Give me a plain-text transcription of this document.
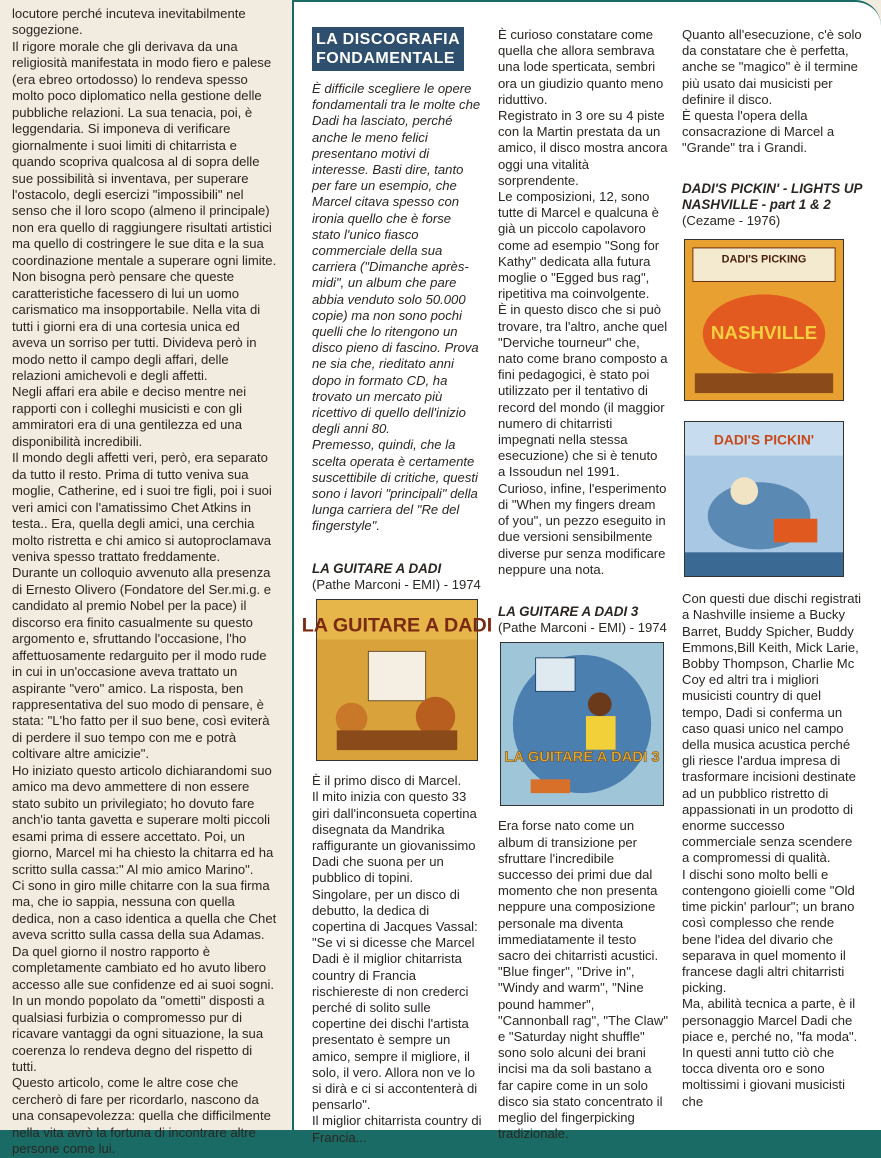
locutore perché incuteva inevitabilmente soggezione.

Il rigore morale che gli derivava da una religiosità manifestata in modo fiero e palese (era ebreo ortodosso) lo rendeva spesso molto poco diplomatico nella gestione delle pubbliche relazioni. La sua tenacia, poi, è leggendaria. Si imponeva di verificare giornalmente i suoi limiti di chitarrista e quando scopriva qualcosa al di sopra delle sue possibilità si inventava, per superare l'ostacolo, degli esercizi "impossibili" nel senso che il loro scopo (almeno il principale) non era quello di raggiungere risultati artistici ma quello di costringere le sue dita e la sua coordinazione mentale a superare ogni limite.

Non bisogna però pensare che queste caratteristiche facessero di lui un uomo carismatico ma insopportabile. Nella vita di tutti i giorni era di una cortesia unica ed aveva un sorriso per tutti. Divideva però in modo netto il campo degli affari, delle relazioni amichevoli e degli affetti.

Negli affari era abile e deciso mentre nei rapporti con i colleghi musicisti e con gli ammiratori era di una gentilezza ed una disponibilità incredibili.

Il mondo degli affetti veri, però, era separato da tutto il resto. Prima di tutto veniva sua moglie, Catherine, ed i suoi tre figli, poi i suoi veri amici con l'amatissimo Chet Atkins in testa.. Era, quella degli amici, una cerchia molto ristretta e chi amico si autoproclamava veniva spesso trattato freddamente.

Durante un colloquio avvenuto alla presenza di Ernesto Olivero (Fondatore del Ser.mi.g. e candidato al premio Nobel per la pace) il discorso era finito casualmente su questo argomento e, sfruttando l'occasione, l'ho affettuosamente redarguito per il modo rude in cui in un'occasione aveva trattato un aspirante "vero" amico. La risposta, ben rappresentativa del suo modo di pensare, è stata: "L'ho fatto per il suo bene, così eviterà di perdere il suo tempo con me e potrà coltivare altre amicizie".

Ho iniziato questo articolo dichiarandomi suo amico ma devo ammettere di non essere stato subito un privilegiato; ho dovuto fare anch'io tanta gavetta e superare molti piccoli esami prima di essere accettato. Poi, un giorno, Marcel mi ha chiesto la chitarra ed ha scritto sulla cassa:" Al mio amico Marino".

Ci sono in giro mille chitarre con la sua firma ma, che io sappia, nessuna con quella dedica, non a caso identica a quella che Chet aveva scritto sulla cassa della sua Adamas.

Da quel giorno il nostro rapporto è completamente cambiato ed ho avuto libero accesso alle sue confidenze ed ai suoi sogni.

In un mondo popolato da "ometti" disposti a qualsiasi furbizia o compromesso pur di ricavare vantaggi da ogni situazione, la sua coerenza lo rendeva degno del rispetto di tutti.

Questo articolo, come le altre cose che cercherò di fare per ricordarlo, nascono da una consapevolezza: quella che difficilmente nella vita avrò la fortuna di incontrare altre persone come lui.

LA DISCOGRAFIA
FONDAMENTALE

È difficile scegliere le opere fondamentali tra le molte che Dadi ha lasciato, perché anche le meno felici presentano motivi di interesse. Basti dire, tanto per fare un esempio, che Marcel citava spesso con ironia quello che è forse stato l'unico fiasco commerciale della sua carriera ("Dimanche après-midi", un album che pare abbia venduto solo 50.000 copie) ma non sono pochi quelli che lo ritengono un disco pieno di fascino. Prova ne sia che, rieditato anni dopo in formato CD, ha trovato un mercato più ricettivo di quello dell'inizio degli anni 80.

Premesso, quindi, che la scelta operata è certamente suscettibile di critiche, questi sono i lavori "principali" della lunga carriera del "Re del fingerstyle".

LA GUITARE A DADI
(Pathe Marconi - EMI) - 1974
LA GUITARE A DADI

È il primo disco di Marcel.

Il mito inizia con questo 33 giri dall'inconsueta copertina disegnata da Mandrika raffigurante un giovanissimo Dadi che suona per un pubblico di topini.

Singolare, per un disco di debutto, la dedica di copertina di Jacques Vassal: "Se vi si dicesse che Marcel Dadi è il miglior chitarrista country di Francia rischiereste di non crederci perché di solito sulle copertine dei dischi l'artista presentato è sempre un amico, sempre il migliore, il solo, il vero. Allora non ve lo si dirà e ci si accontenterà di pensarlo".

Il miglior chitarrista country di Francia...

È curioso constatare come quella che allora sembrava una lode sperticata, sembri ora un giudizio quanto meno riduttivo.

Registrato in 3 ore su 4 piste con la Martin prestata da un amico, il disco mostra ancora oggi una vitalità sorprendente.

Le composizioni, 12, sono tutte di Marcel e qualcuna è già un piccolo capolavoro come ad esempio "Song for Kathy" dedicata alla futura moglie o "Egged bus rag", ripetitiva ma coinvolgente.

È in questo disco che si può trovare, tra l'altro, anche quel "Derviche tourneur" che, nato come brano composto a fini pedagogici, è stato poi utilizzato per il tentativo di record del mondo (il maggior numero di chitarristi impegnati nella stessa esecuzione) che si è tenuto a Issoudun nel 1991.

Curioso, infine, l'esperimento di "When my fingers dream of you", un pezzo eseguito in due versioni sensibilmente diverse pur senza modificare neppure una nota.

LA GUITARE A DADI 3
(Pathe Marconi - EMI) - 1974
LA GUITARE A DADI 3

Era forse nato come un album di transizione per sfruttare l'incredibile successo dei primi due dal momento che non presenta neppure una composizione personale ma diventa immediatamente il testo sacro dei chitarristi acustici.

"Blue finger", "Drive in", "Windy and warm", "Nine pound hammer", "Cannonball rag", "The Claw" e "Saturday night shuffle" sono solo alcuni dei brani incisi ma da soli bastano a far capire come in un solo disco sia stato concentrato il meglio del fingerpicking tradizionale.

Quanto all'esecuzione, c'è solo da constatare che è perfetta, anche se "magico" è il termine più usato dai musicisti per definire il disco.

È questa l'opera della consacrazione di Marcel a "Grande" tra i Grandi.

DADI'S PICKIN' - LIGHTS UP NASHVILLE - part 1 & 2
(Cezame - 1976)
DADI'S PICKING
NASHVILLE
DADI'S PICKIN'

Con questi due dischi registrati a Nashville insieme a Bucky Barret, Buddy Spicher, Buddy Emmons,Bill Keith, Mick Larie, Bobby Thompson, Charlie Mc Coy ed altri tra i migliori musicisti country di quel tempo, Dadi si conferma un caso quasi unico nel campo della musica acustica perché gli riesce l'ardua impresa di trasformare incisioni destinate ad un pubblico ristretto di appassionati in un prodotto di enorme successo commerciale senza scendere a compromessi di qualità.

I dischi sono molto belli e contengono gioielli come "Old time pickin' parlour"; un brano così complesso che rende bene l'idea del divario che separava in quel momento il francese dagli altri chitarristi picking.

Ma, abilità tecnica a parte, è il personaggio Marcel Dadi che piace e, perché no, "fa moda". In questi anni tutto ciò che tocca diventa oro e sono moltissimi i giovani musicisti che
